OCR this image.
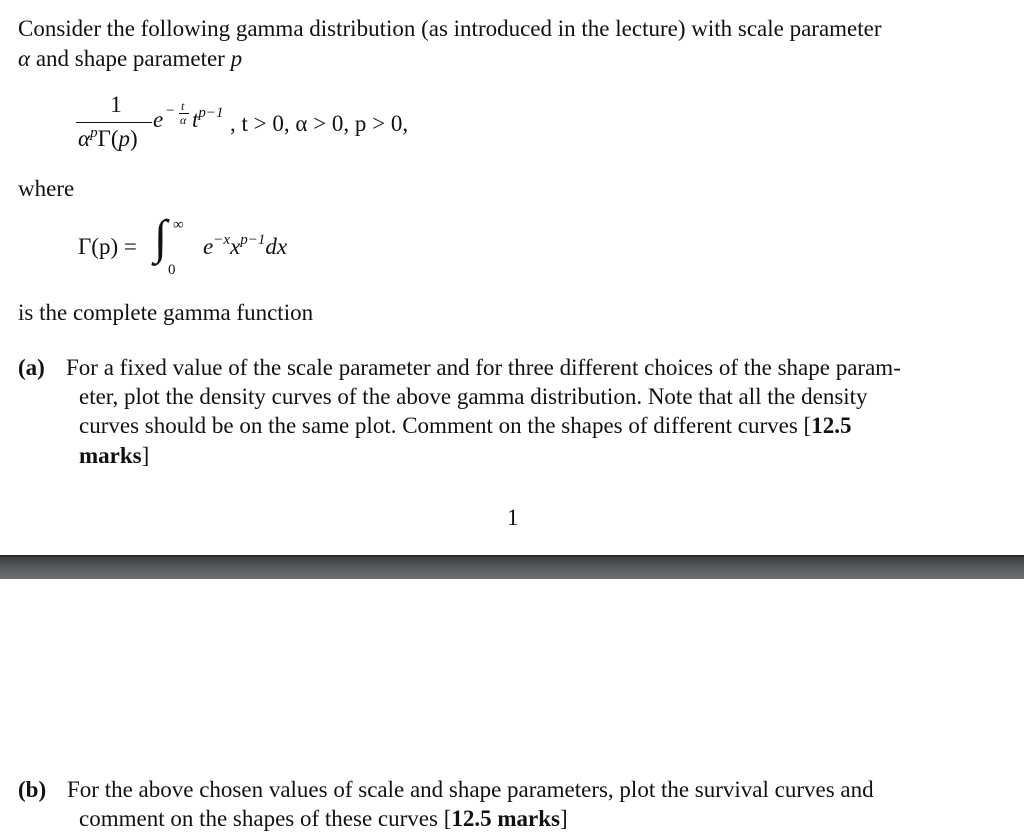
Consider the following gamma distribution (as introduced in the lecture) with scale parameter
α and shape parameter p
1
$\alpha^p\Gamma(p)$
e − t
α $t^{p-1}$ , t > 0, α > 0, p > 0,
where
Γ(p) = ∫ ∞
0
$e^{-x}x^{p-1}dx$
is the complete gamma function
(a) For a fixed value of the scale parameter and for three different choices of the shape param-
eter, plot the density curves of the above gamma distribution. Note that all the density
curves should be on the same plot. Comment on the shapes of different curves [12.5
marks]
1
(b) For the above chosen values of scale and shape parameters, plot the survival curves and
comment on the shapes of these curves [12.5 marks]
